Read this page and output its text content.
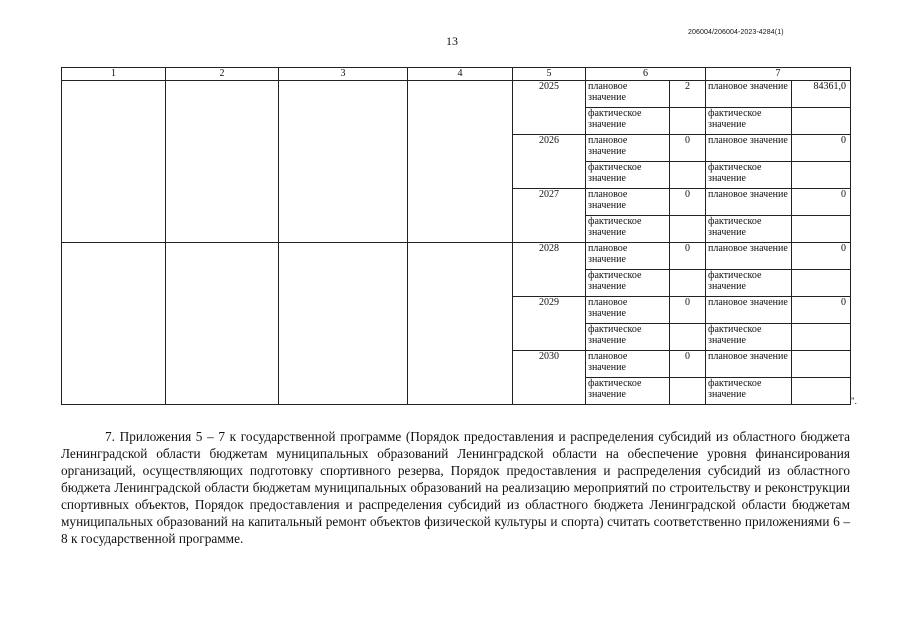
13
206004/206004-2023-4284(1)
1	2	3	4	5	6		7	
				2025	плановое значение	2	плановое значение	84361,0
					фактическое значение		фактическое значение	
				2026	плановое значение	0	плановое значение	0
					фактическое значение		фактическое значение	
				2027	плановое значение	0	плановое значение	0
					фактическое значение		фактическое значение	
				2028	плановое значение	0	плановое значение	0
					фактическое значение		фактическое значение	
				2029	плановое значение	0	плановое значение	0
					фактическое значение		фактическое значение	
				2030	плановое значение	0	плановое значение	
					фактическое значение		фактическое значение	
".

7. Приложения 5 – 7 к государственной программе (Порядок предоставления и распределения субсидий из областного бюджета Ленинградской области бюджетам муниципальных образований Ленинградской области на обеспечение уровня финансирования организаций, осуществляющих подготовку спортивного резерва, Порядок предоставления и распределения субсидий из областного бюджета Ленинградской области бюджетам муниципальных образований на реализацию мероприятий по строительству и реконструкции спортивных объектов, Порядок предоставления и распределения субсидий из областного бюджета Ленинградской области бюджетам муниципальных образований на капитальный ремонт объектов физической культуры и спорта) считать соответственно приложениями 6 – 8 к государственной программе.
